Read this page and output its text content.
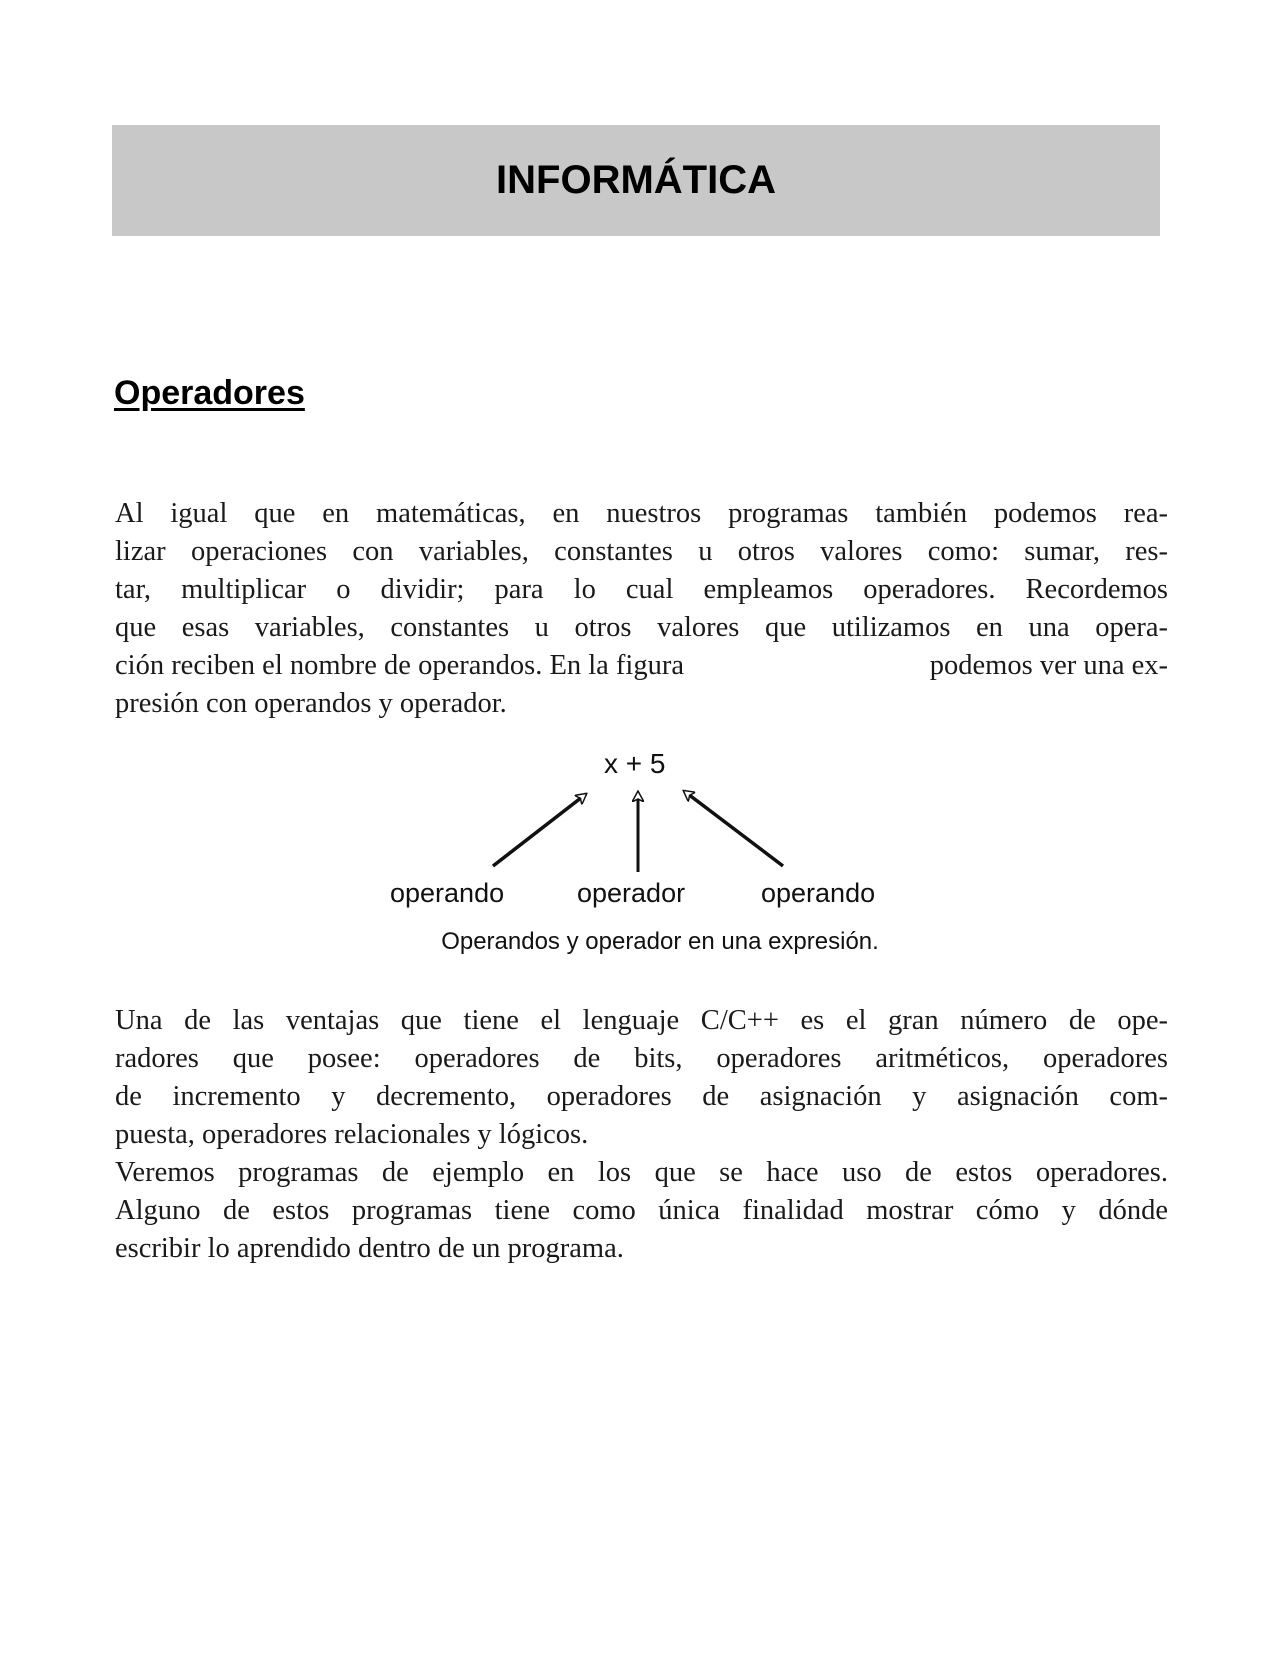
INFORMÁTICA
Operadores
Al igual que en matemáticas, en nuestros programas también podemos rea-
lizar operaciones con variables, constantes u otros valores como: sumar, res-
tar, multiplicar o dividir; para lo cual empleamos operadores. Recordemos
que esas variables, constantes u otros valores que utilizamos en una opera-
ción reciben el nombre de operandos. En la figura	podemos ver una ex-
presión con operandos y operador.
x + 5
operando	operador	operando
Operandos y operador en una expresión.
Una de las ventajas que tiene el lenguaje C/C++ es el gran número de ope-
radores que posee: operadores de bits, operadores aritméticos, operadores
de incremento y decremento, operadores de asignación y asignación com-
puesta, operadores relacionales y lógicos.
Veremos programas de ejemplo en los que se hace uso de estos operadores.
Alguno de estos programas tiene como única finalidad mostrar cómo y dónde
escribir lo aprendido dentro de un programa.
